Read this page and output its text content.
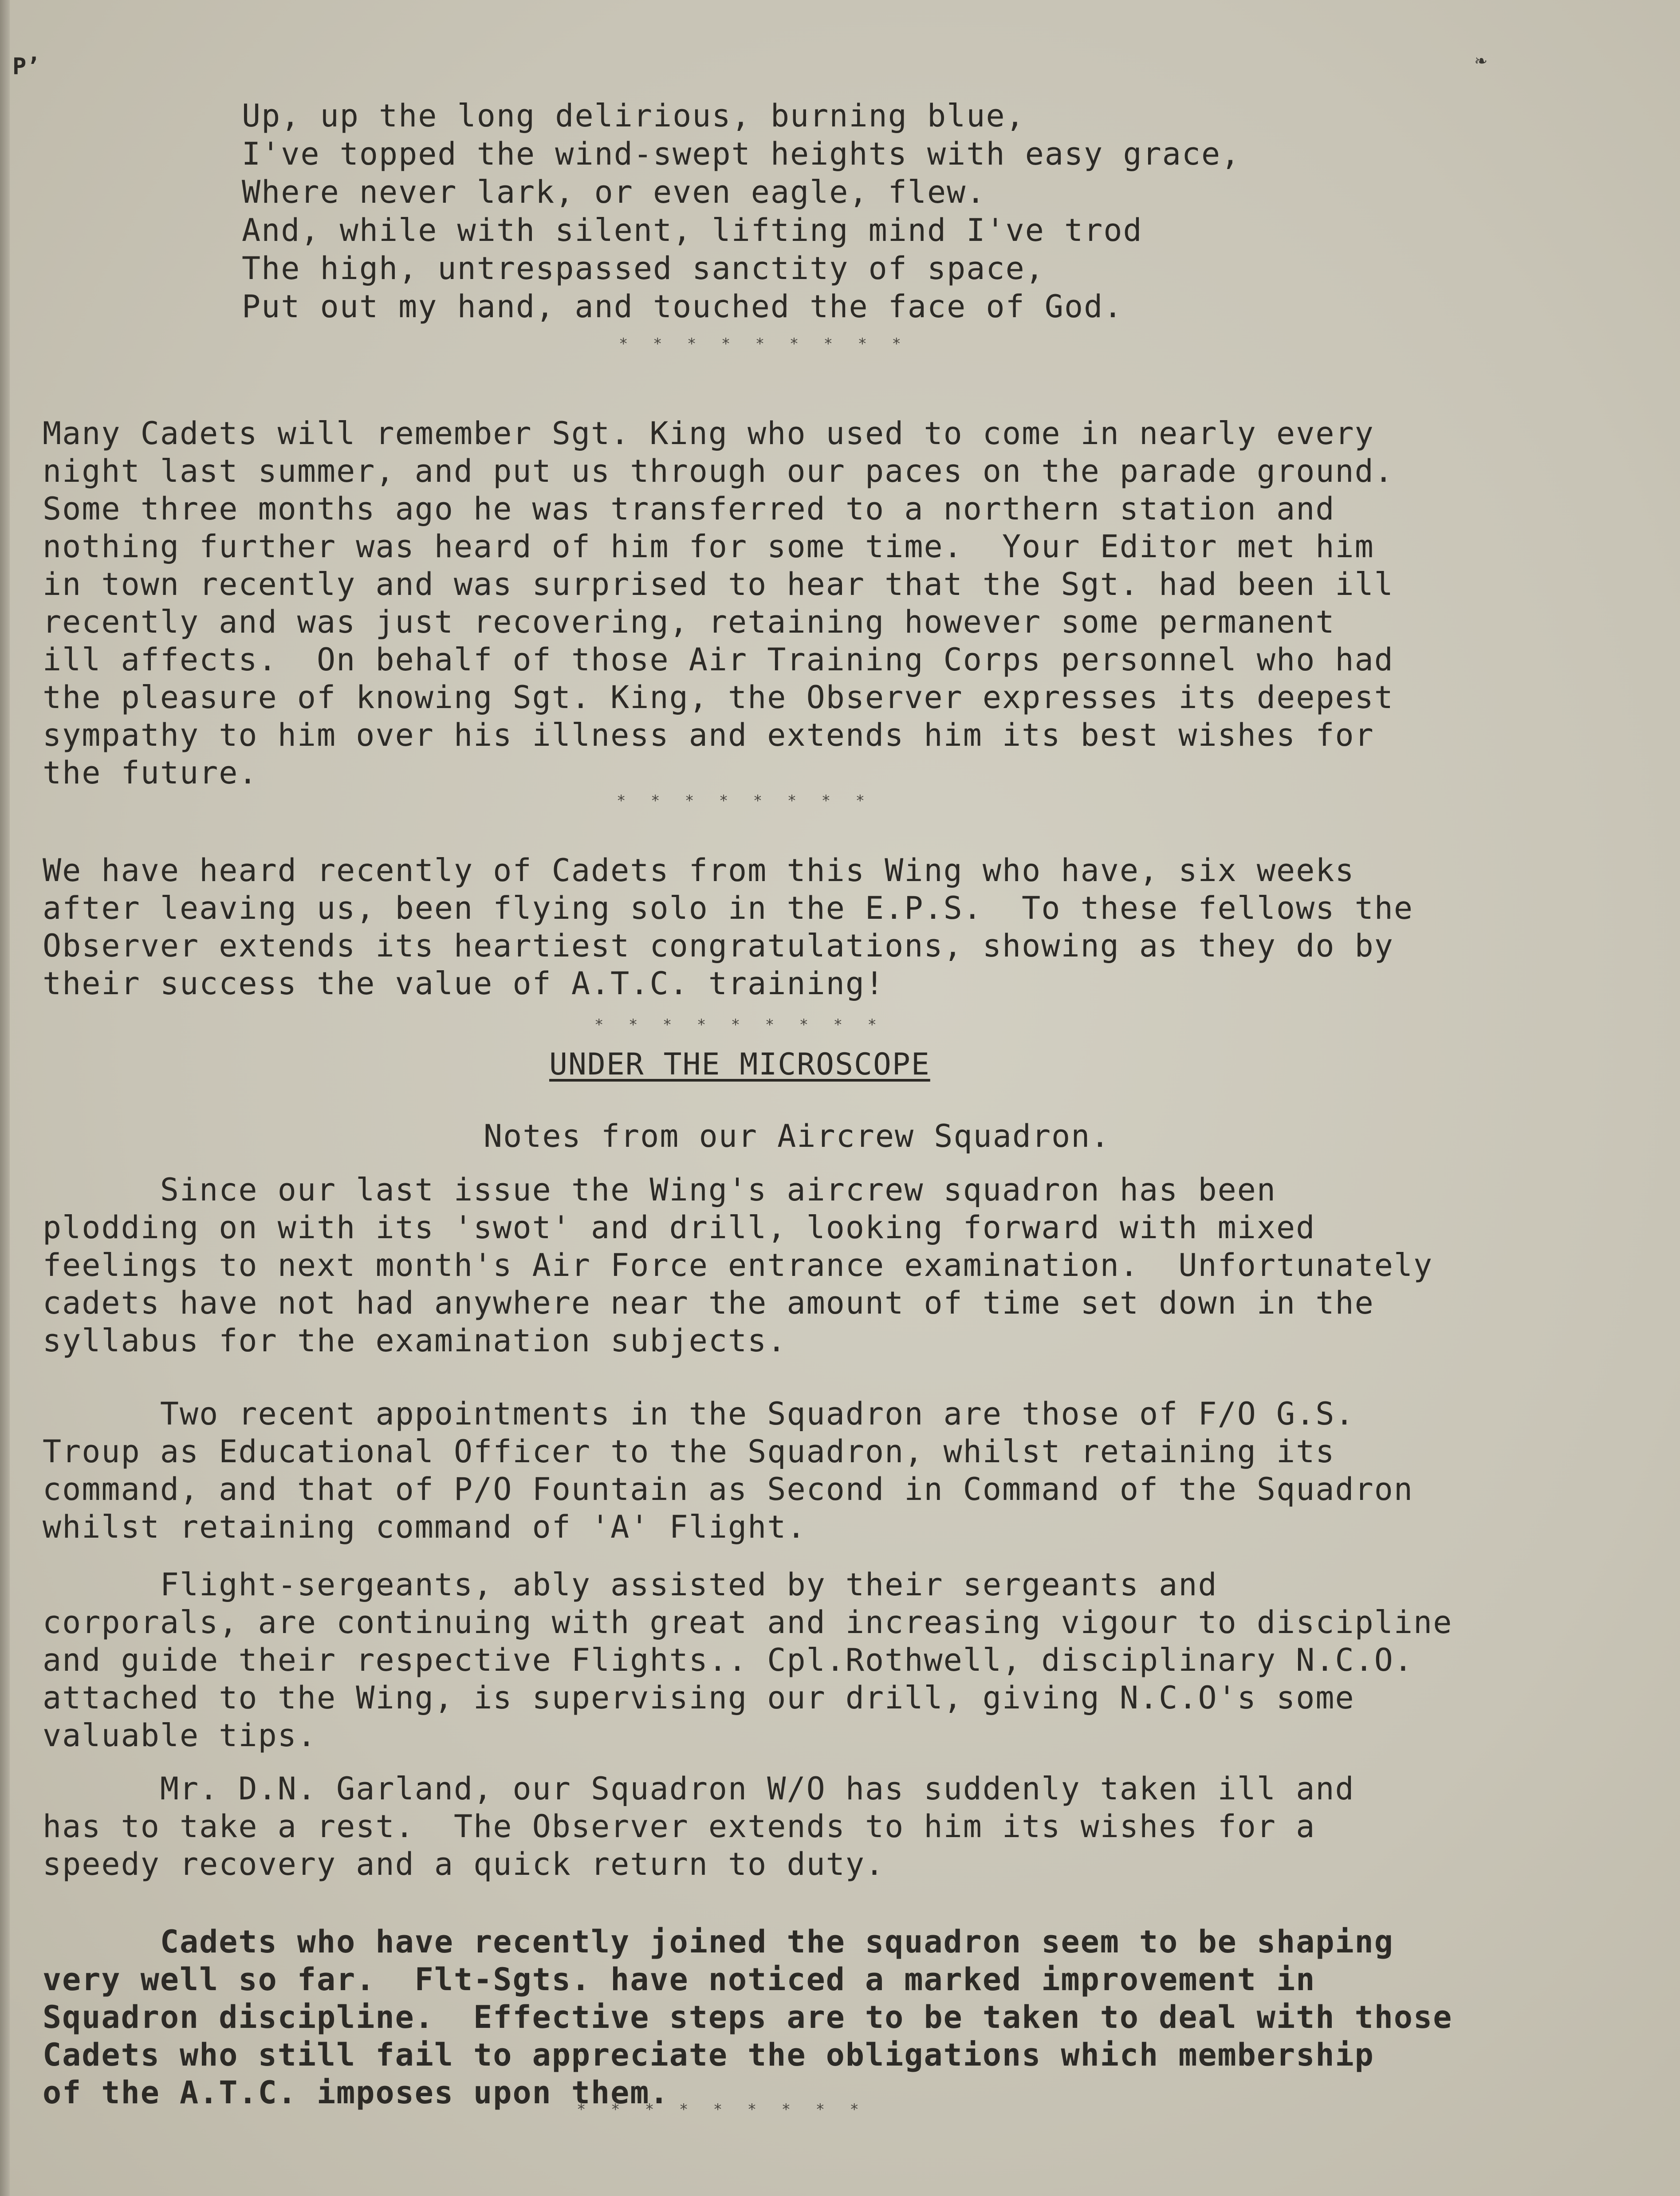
P’	❧
Up, up the long delirious, burning blue,
I've topped the wind-swept heights with easy grace,
Where never lark, or even eagle, flew.
And, while with silent, lifting mind I've trod
The high, untrespassed sanctity of space,
Put out my hand, and touched the face of God.
* * * * * * * * *
Many Cadets will remember Sgt. King who used to come in nearly every
night last summer, and put us through our paces on the parade ground.
Some three months ago he was transferred to a northern station and
nothing further was heard of him for some time.  Your Editor met him
in town recently and was surprised to hear that the Sgt. had been ill
recently and was just recovering, retaining however some permanent
ill affects.  On behalf of those Air Training Corps personnel who had
the pleasure of knowing Sgt. King, the Observer expresses its deepest
sympathy to him over his illness and extends him its best wishes for
the future.
* * * * * * * *
We have heard recently of Cadets from this Wing who have, six weeks
after leaving us, been flying solo in the E.P.S.  To these fellows the
Observer extends its heartiest congratulations, showing as they do by
their success the value of A.T.C. training!
* * * * * * * * *
UNDER THE MICROSCOPE
Notes from our Aircrew Squadron.
Since our last issue the Wing's aircrew squadron has been
plodding on with its 'swot' and drill, looking forward with mixed
feelings to next month's Air Force entrance examination.  Unfortunately
cadets have not had anywhere near the amount of time set down in the
syllabus for the examination subjects.
Two recent appointments in the Squadron are those of F/O G.S.
Troup as Educational Officer to the Squadron, whilst retaining its
command, and that of P/O Fountain as Second in Command of the Squadron
whilst retaining command of 'A' Flight.
Flight-sergeants, ably assisted by their sergeants and
corporals, are continuing with great and increasing vigour to discipline
and guide their respective Flights.. Cpl.Rothwell, disciplinary N.C.O.
attached to the Wing, is supervising our drill, giving N.C.O's some
valuable tips.
Mr. D.N. Garland, our Squadron W/O has suddenly taken ill and
has to take a rest.  The Observer extends to him its wishes for a
speedy recovery and a quick return to duty.
Cadets who have recently joined the squadron seem to be shaping
very well so far.  Flt-Sgts. have noticed a marked improvement in
Squadron discipline.  Effective steps are to be taken to deal with those
Cadets who still fail to appreciate the obligations which membership
of the A.T.C. imposes upon them.
* * * * * * * * *
